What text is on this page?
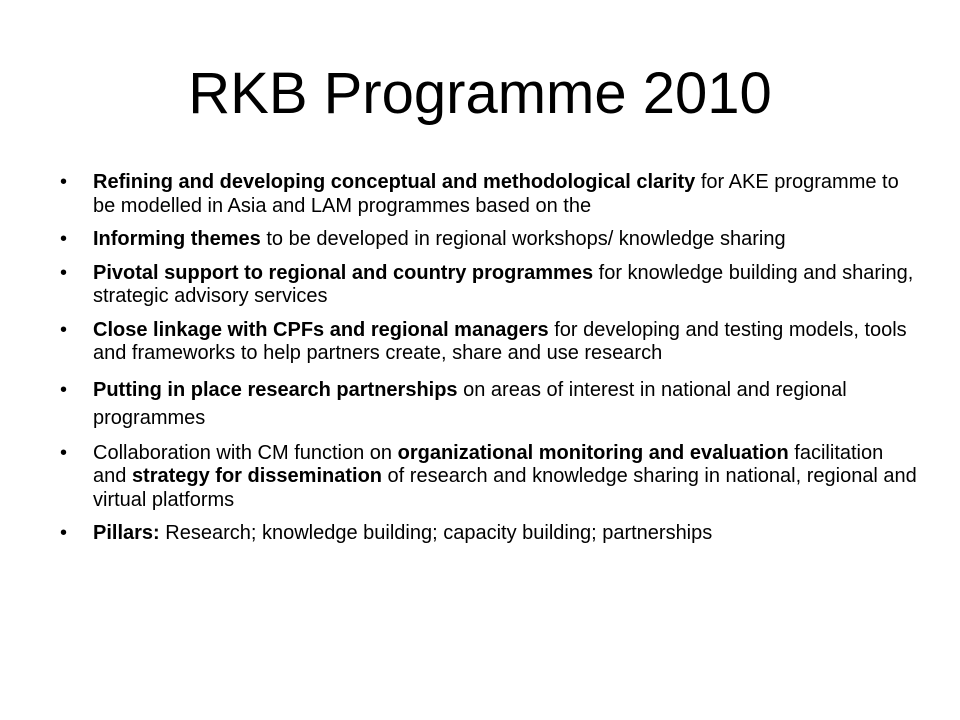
RKB Programme 2010
• Refining and developing conceptual and methodological clarity for AKE programme to be modelled in Asia and LAM programmes based on the
• Informing themes to be developed in regional workshops/ knowledge sharing
• Pivotal support to regional and country programmes for knowledge building and sharing, strategic advisory services
• Close linkage with CPFs and regional managers for developing and testing models, tools and frameworks to help partners create, share and use research
• Putting in place research partnerships on areas of interest in national and regional programmes
• Collaboration with CM function on organizational monitoring and evaluation facilitation and strategy for dissemination of research and knowledge sharing in national, regional and virtual platforms
• Pillars: Research; knowledge building; capacity building; partnerships
